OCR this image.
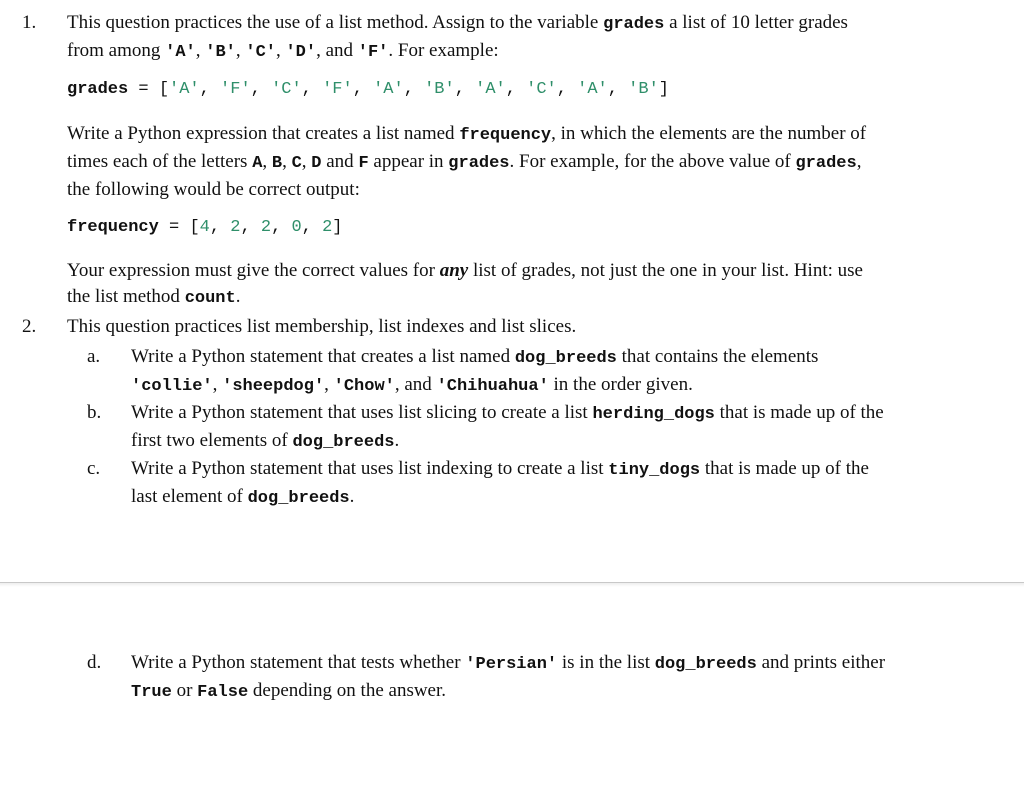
1. This question practices the use of a list method. Assign to the variable grades a list of 10 letter grades
from among 'A', 'B', 'C', 'D', and 'F'. For example:
grades = ['A', 'F', 'C', 'F', 'A', 'B', 'A', 'C', 'A', 'B']
Write a Python expression that creates a list named frequency, in which the elements are the number of
times each of the letters A, B, C, D and F appear in grades. For example, for the above value of grades,
the following would be correct output:
frequency = [4, 2, 2, 0, 2]
Your expression must give the correct values for any list of grades, not just the one in your list. Hint: use
the list method count.
2. This question practices list membership, list indexes and list slices.
a. Write a Python statement that creates a list named dog_breeds that contains the elements
'collie', 'sheepdog', 'Chow', and 'Chihuahua' in the order given.
b. Write a Python statement that uses list slicing to create a list herding_dogs that is made up of the
first two elements of dog_breeds.
c. Write a Python statement that uses list indexing to create a list tiny_dogs that is made up of the
last element of dog_breeds.
d. Write a Python statement that tests whether 'Persian' is in the list dog_breeds and prints either
True or False depending on the answer.
